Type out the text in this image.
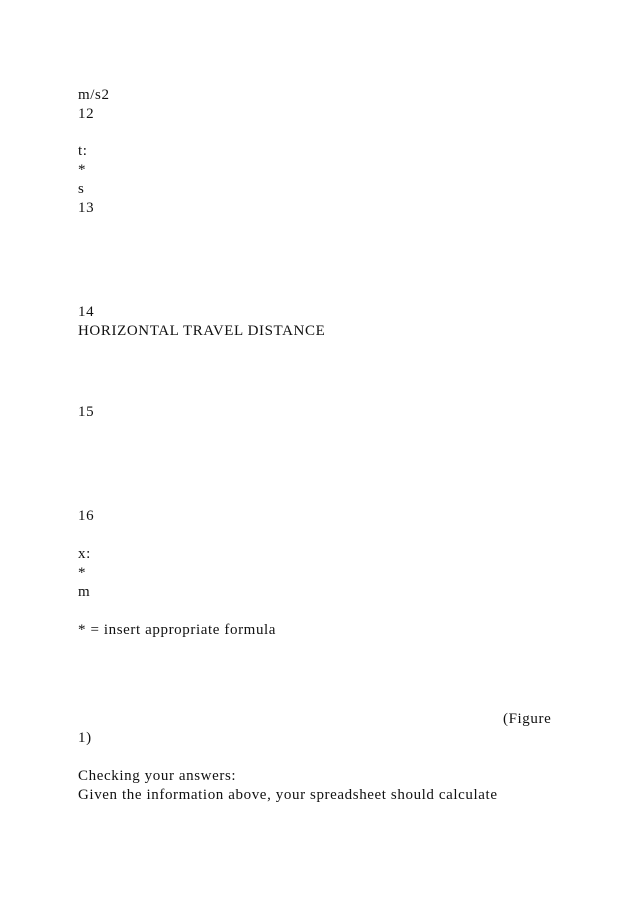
m/s2
12
t:
*
s
13
14
HORIZONTAL TRAVEL DISTANCE
15
16
x:
*
m
* = insert appropriate formula
(Figure
1)
Checking your answers:
Given the information above, your spreadsheet should calculate
